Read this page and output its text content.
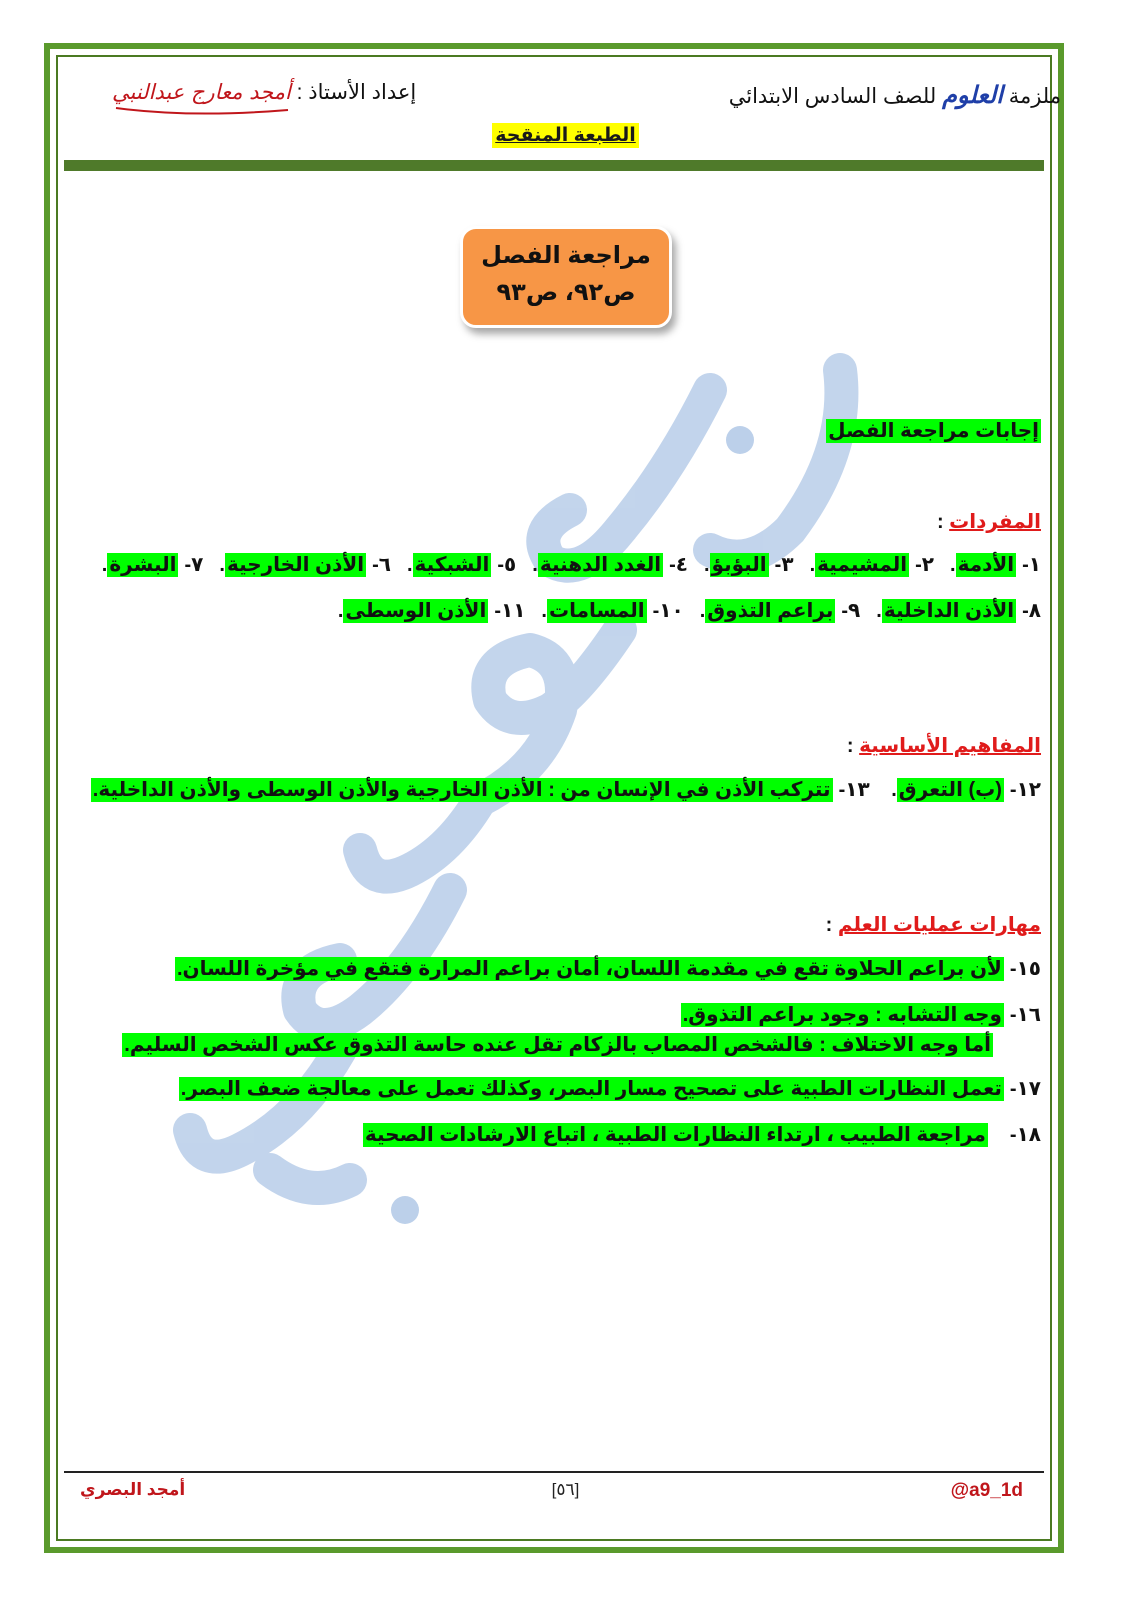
ملزمة العلوم للصف السادس الابتدائي
إعداد الأستاذ : أمجد معارج عبدالنبي
الطبعة المنقحة
مراجعة الفصل
ص٩٢، ص٩٣
إجابات مراجعة الفصل
المفردات :
١-الأدمة.٢-المشيمية.٣-البؤبؤ.٤-الغدد الدهنية.٥-الشبكية.٦-الأذن الخارجية.٧-البشرة.
٨-الأذن الداخلية.٩-براعم التذوق.١٠-المسامات.١١-الأذن الوسطى.
المفاهيم الأساسية :
١٢-(ب) التعرق. ١٣-تتركب الأذن في الإنسان من : الأذن الخارجية والأذن الوسطى والأذن الداخلية.
مهارات عمليات العلم :
١٥-لأن براعم الحلاوة تقع في مقدمة اللسان، أمان براعم المرارة فتقع في مؤخرة اللسان.
١٦-وجه التشابه : وجود براعم التذوق.
أما وجه الاختلاف : فالشخص المصاب بالزكام تقل عنده حاسة التذوق عكس الشخص السليم.
١٧-تعمل النظارات الطبية على تصحيح مسار البصر، وكذلك تعمل على معالجة ضعف البصر.
١٨-مراجعة الطبيب ، ارتداء النظارات الطبية ، اتباع الارشادات الصحية
@a9_1d
[٥٦]
أمجد البصري
